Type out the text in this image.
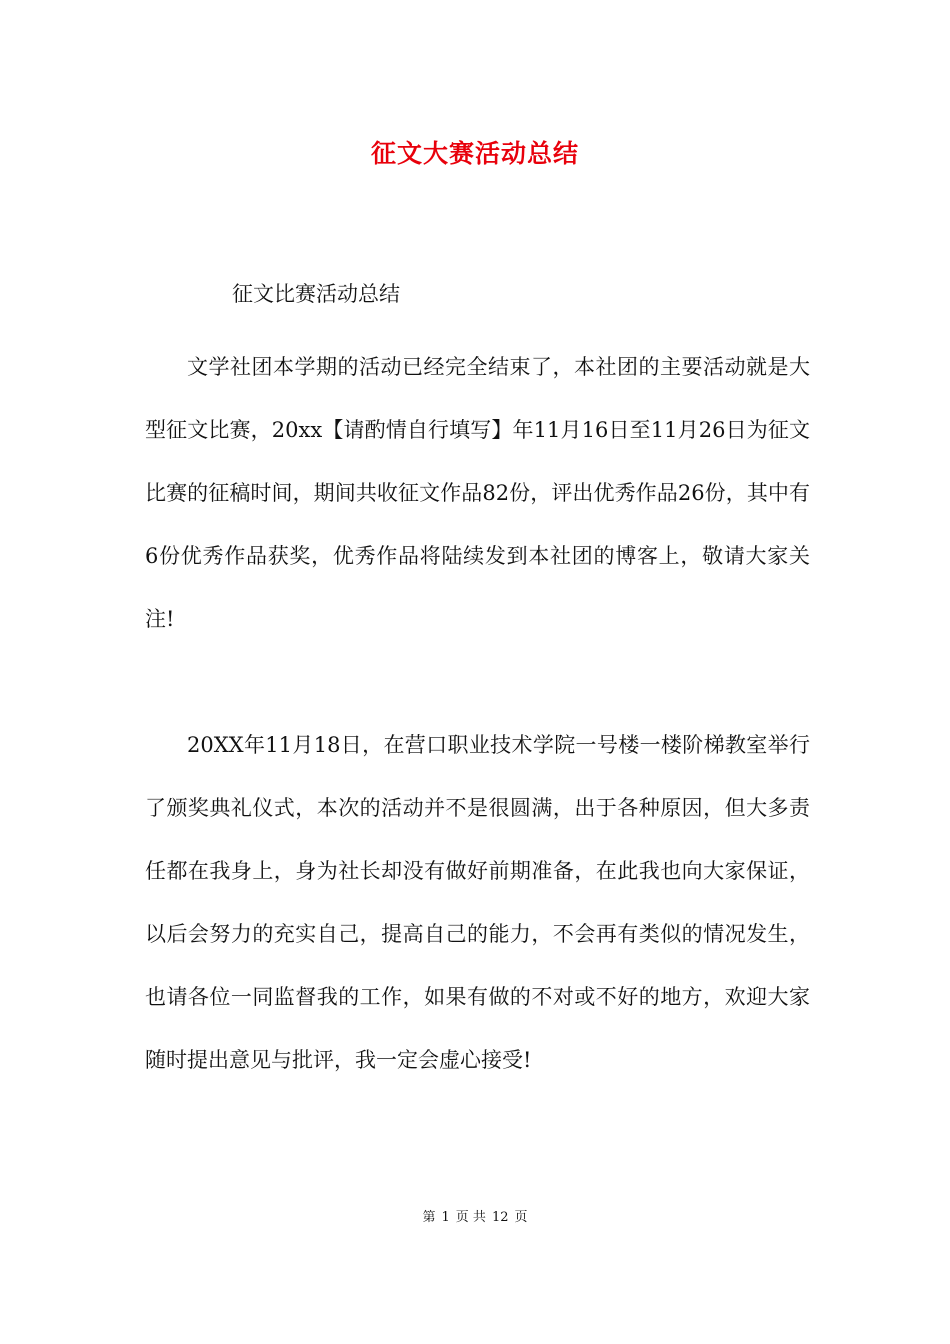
征文大赛活动总结
征文比赛活动总结

文学社团本学期的活动已经完全结束了，本社团的主要活动就是大型征文比赛，20xx【请酌情自行填写】年11月16日至11月26日为征文比赛的征稿时间，期间共收征文作品82份，评出优秀作品26份，其中有6份优秀作品获奖，优秀作品将陆续发到本社团的博客上，敬请大家关注!

20XX年11月18日，在营口职业技术学院一号楼一楼阶梯教室举行了颁奖典礼仪式，本次的活动并不是很圆满，出于各种原因，但大多责任都在我身上，身为社长却没有做好前期准备，在此我也向大家保证，以后会努力的充实自己，提高自己的能力，不会再有类似的情况发生，也请各位一同监督我的工作，如果有做的不对或不好的地方，欢迎大家随时提出意见与批评，我一定会虚心接受!

第 1 页 共 12 页
